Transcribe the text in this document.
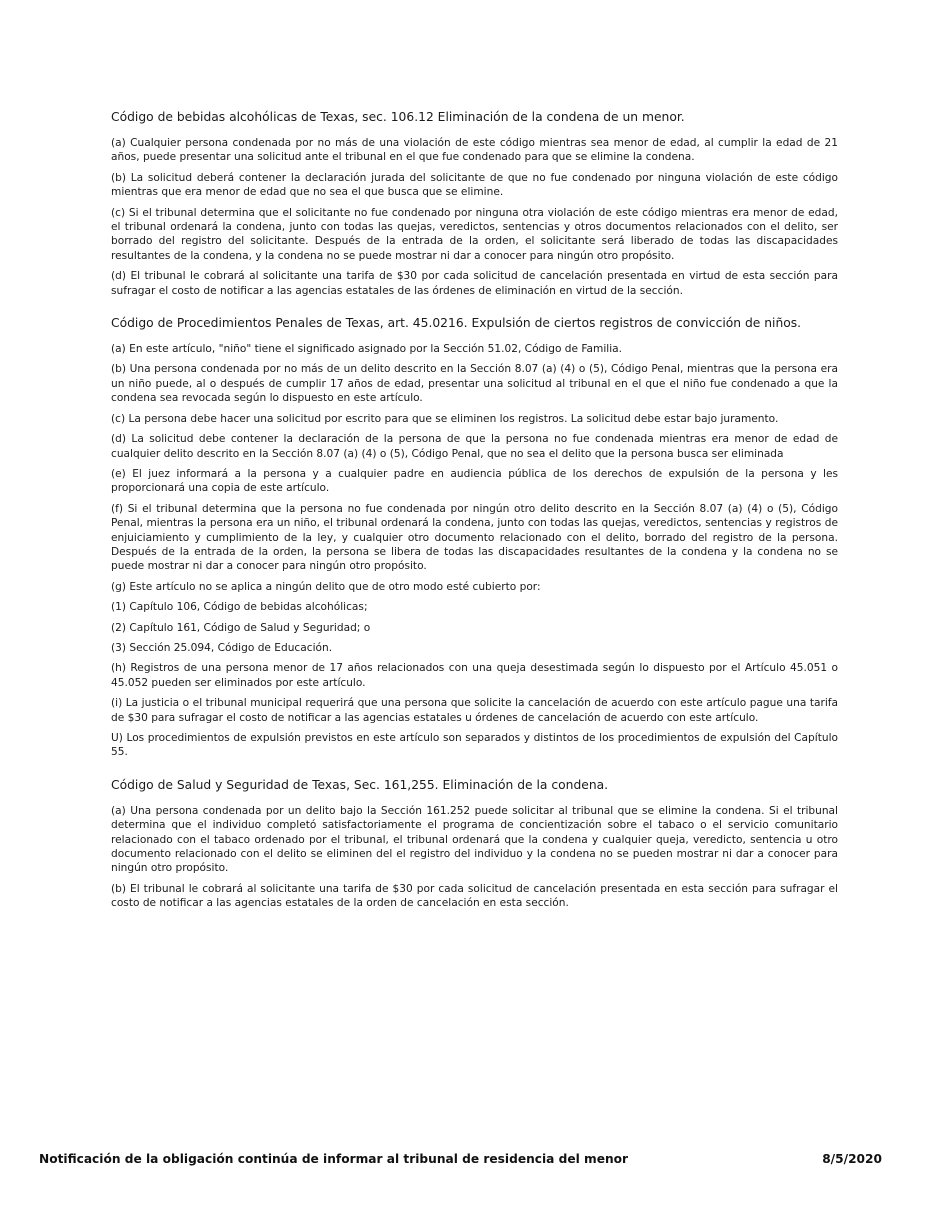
Código de bebidas alcohólicas de Texas, sec. 106.12 Eliminación de la condena de un menor.

(a) Cualquier persona condenada por no más de una violación de este código mientras sea menor de edad, al cumplir la edad de 21 años, puede presentar una solicitud ante el tribunal en el que fue condenado para que se elimine la condena.

(b) La solicitud deberá contener la declaración jurada del solicitante de que no fue condenado por ninguna violación de este código mientras que era menor de edad que no sea el que busca que se elimine.

(c) Si el tribunal determina que el solicitante no fue condenado por ninguna otra violación de este código mientras era menor de edad, el tribunal ordenará la condena, junto con todas las quejas, veredictos, sentencias y otros documentos relacionados con el delito, ser borrado del registro del solicitante. Después de la entrada de la orden, el solicitante será liberado de todas las discapacidades resultantes de la condena, y la condena no se puede mostrar ni dar a conocer para ningún otro propósito.

(d) El tribunal le cobrará al solicitante una tarifa de $30 por cada solicitud de cancelación presentada en virtud de esta sección para sufragar el costo de notificar a las agencias estatales de las órdenes de eliminación en virtud de la sección.

Código de Procedimientos Penales de Texas, art. 45.0216. Expulsión de ciertos registros de convicción de niños.

(a) En este artículo, "niño" tiene el significado asignado por la Sección 51.02, Código de Familia.

(b) Una persona condenada por no más de un delito descrito en la Sección 8.07 (a) (4) o (5), Código Penal, mientras que la persona era un niño puede, al o después de cumplir 17 años de edad, presentar una solicitud al tribunal en el que el niño fue condenado a que la condena sea revocada según lo dispuesto en este artículo.

(c) La persona debe hacer una solicitud por escrito para que se eliminen los registros. La solicitud debe estar bajo juramento.

(d) La solicitud debe contener la declaración de la persona de que la persona no fue condenada mientras era menor de edad de cualquier delito descrito en la Sección 8.07 (a) (4) o (5), Código Penal, que no sea el delito que la persona busca ser eliminada

(e) El juez informará a la persona y a cualquier padre en audiencia pública de los derechos de expulsión de la persona y les proporcionará una copia de este artículo.

(f) Si el tribunal determina que la persona no fue condenada por ningún otro delito descrito en la Sección 8.07 (a) (4) o (5), Código Penal, mientras la persona era un niño, el tribunal ordenará la condena, junto con todas las quejas, veredictos, sentencias y registros de enjuiciamiento y cumplimiento de la ley, y cualquier otro documento relacionado con el delito, borrado del registro de la persona. Después de la entrada de la orden, la persona se libera de todas las discapacidades resultantes de la condena y la condena no se puede mostrar ni dar a conocer para ningún otro propósito.

(g) Este artículo no se aplica a ningún delito que de otro modo esté cubierto por:

(1) Capítulo 106, Código de bebidas alcohólicas;

(2) Capítulo 161, Código de Salud y Seguridad; o

(3) Sección 25.094, Código de Educación.

(h) Registros de una persona menor de 17 años relacionados con una queja desestimada según lo dispuesto por el Artículo 45.051 o 45.052 pueden ser eliminados por este artículo.

(i) La justicia o el tribunal municipal requerirá que una persona que solicite la cancelación de acuerdo con este artículo pague una tarifa de $30 para sufragar el costo de notificar a las agencias estatales u órdenes de cancelación de acuerdo con este artículo.

U) Los procedimientos de expulsión previstos en este artículo son separados y distintos de los procedimientos de expulsión del Capítulo 55.

Código de Salud y Seguridad de Texas, Sec. 161,255. Eliminación de la condena.

(a) Una persona condenada por un delito bajo la Sección 161.252 puede solicitar al tribunal que se elimine la condena. Si el tribunal determina que el individuo completó satisfactoriamente el programa de concientización sobre el tabaco o el servicio comunitario relacionado con el tabaco ordenado por el tribunal, el tribunal ordenará que la condena y cualquier queja, veredicto, sentencia u otro documento relacionado con el delito se eliminen del el registro del individuo y la condena no se pueden mostrar ni dar a conocer para ningún otro propósito.

(b) El tribunal le cobrará al solicitante una tarifa de $30 por cada solicitud de cancelación presentada en esta sección para sufragar el costo de notificar a las agencias estatales de la orden de cancelación en esta sección.

Notificación de la obligación continúa de informar al tribunal de residencia del menor	8/5/2020
